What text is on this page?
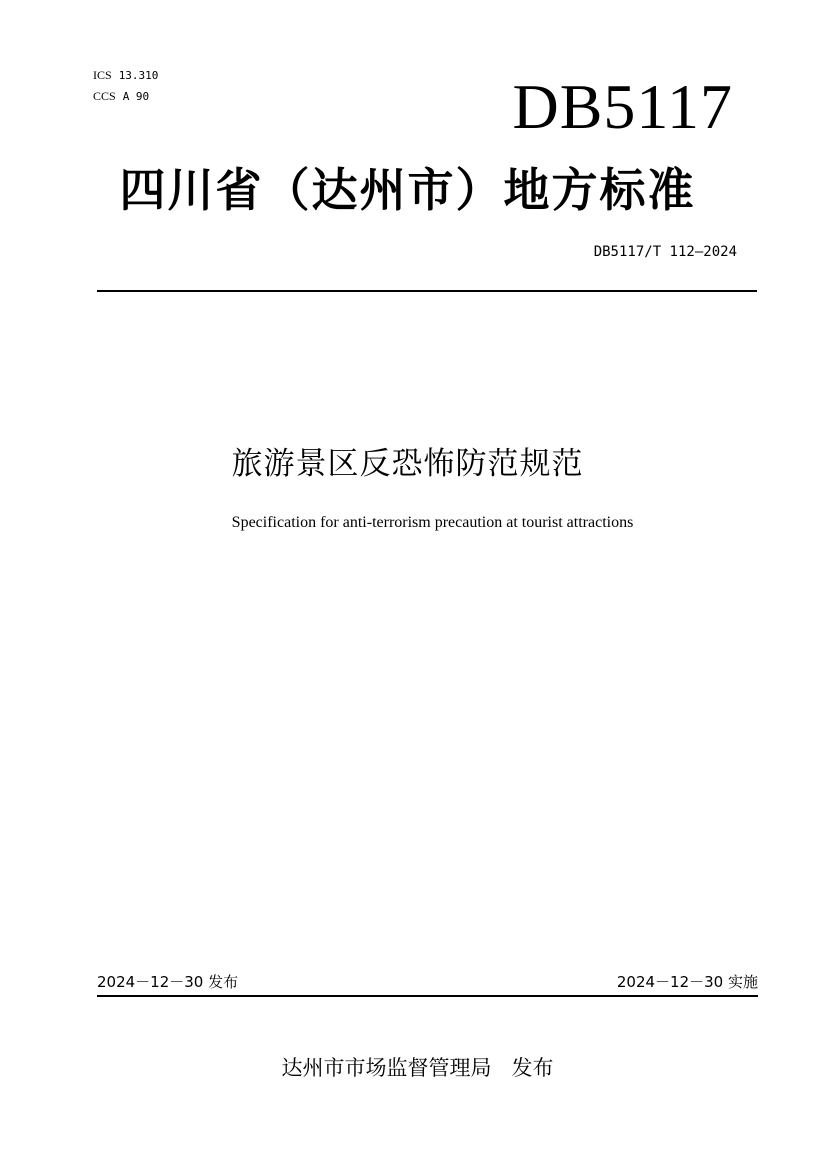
ICS 13.310
CCS A 90	DB5117
四川省（达州市）地方标准
DB5117/T 112—2024
旅游景区反恐怖防范规范
Specification for anti-terrorism precaution at tourist attractions
2024－12－30 发布	2024－12－30 实施
达州市市场监督管理局   发布
